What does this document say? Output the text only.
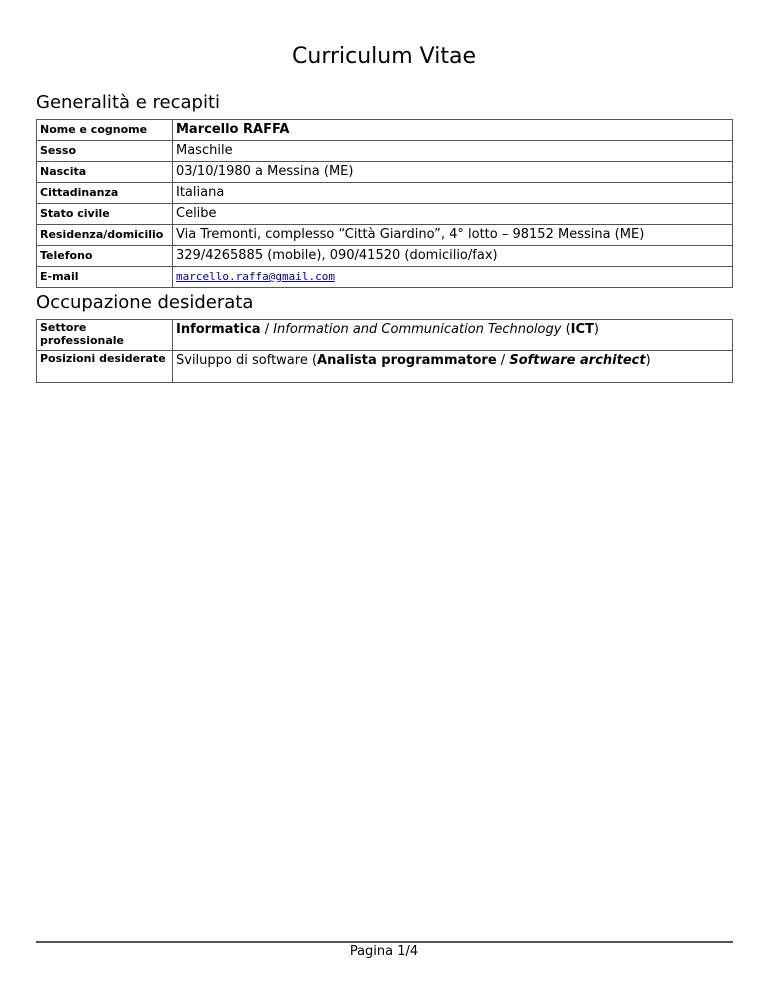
Curriculum Vitae
Generalità e recapiti
Nome e cognome	Marcello RAFFA
Sesso	Maschile
Nascita	03/10/1980 a Messina (ME)
Cittadinanza	Italiana
Stato civile	Celibe
Residenza/domicilio	Via Tremonti, complesso “Città Giardino”, 4° lotto – 98152 Messina (ME)
Telefono	329/4265885 (mobile), 090/41520 (domicilio/fax)
E-mail	marcello.raffa@gmail.com
Occupazione desiderata
Settore professionale	Informatica / Information and Communication Technology (ICT)
Posizioni desiderate	Sviluppo di software (Analista programmatore / Software architect)
Pagina 1/4
